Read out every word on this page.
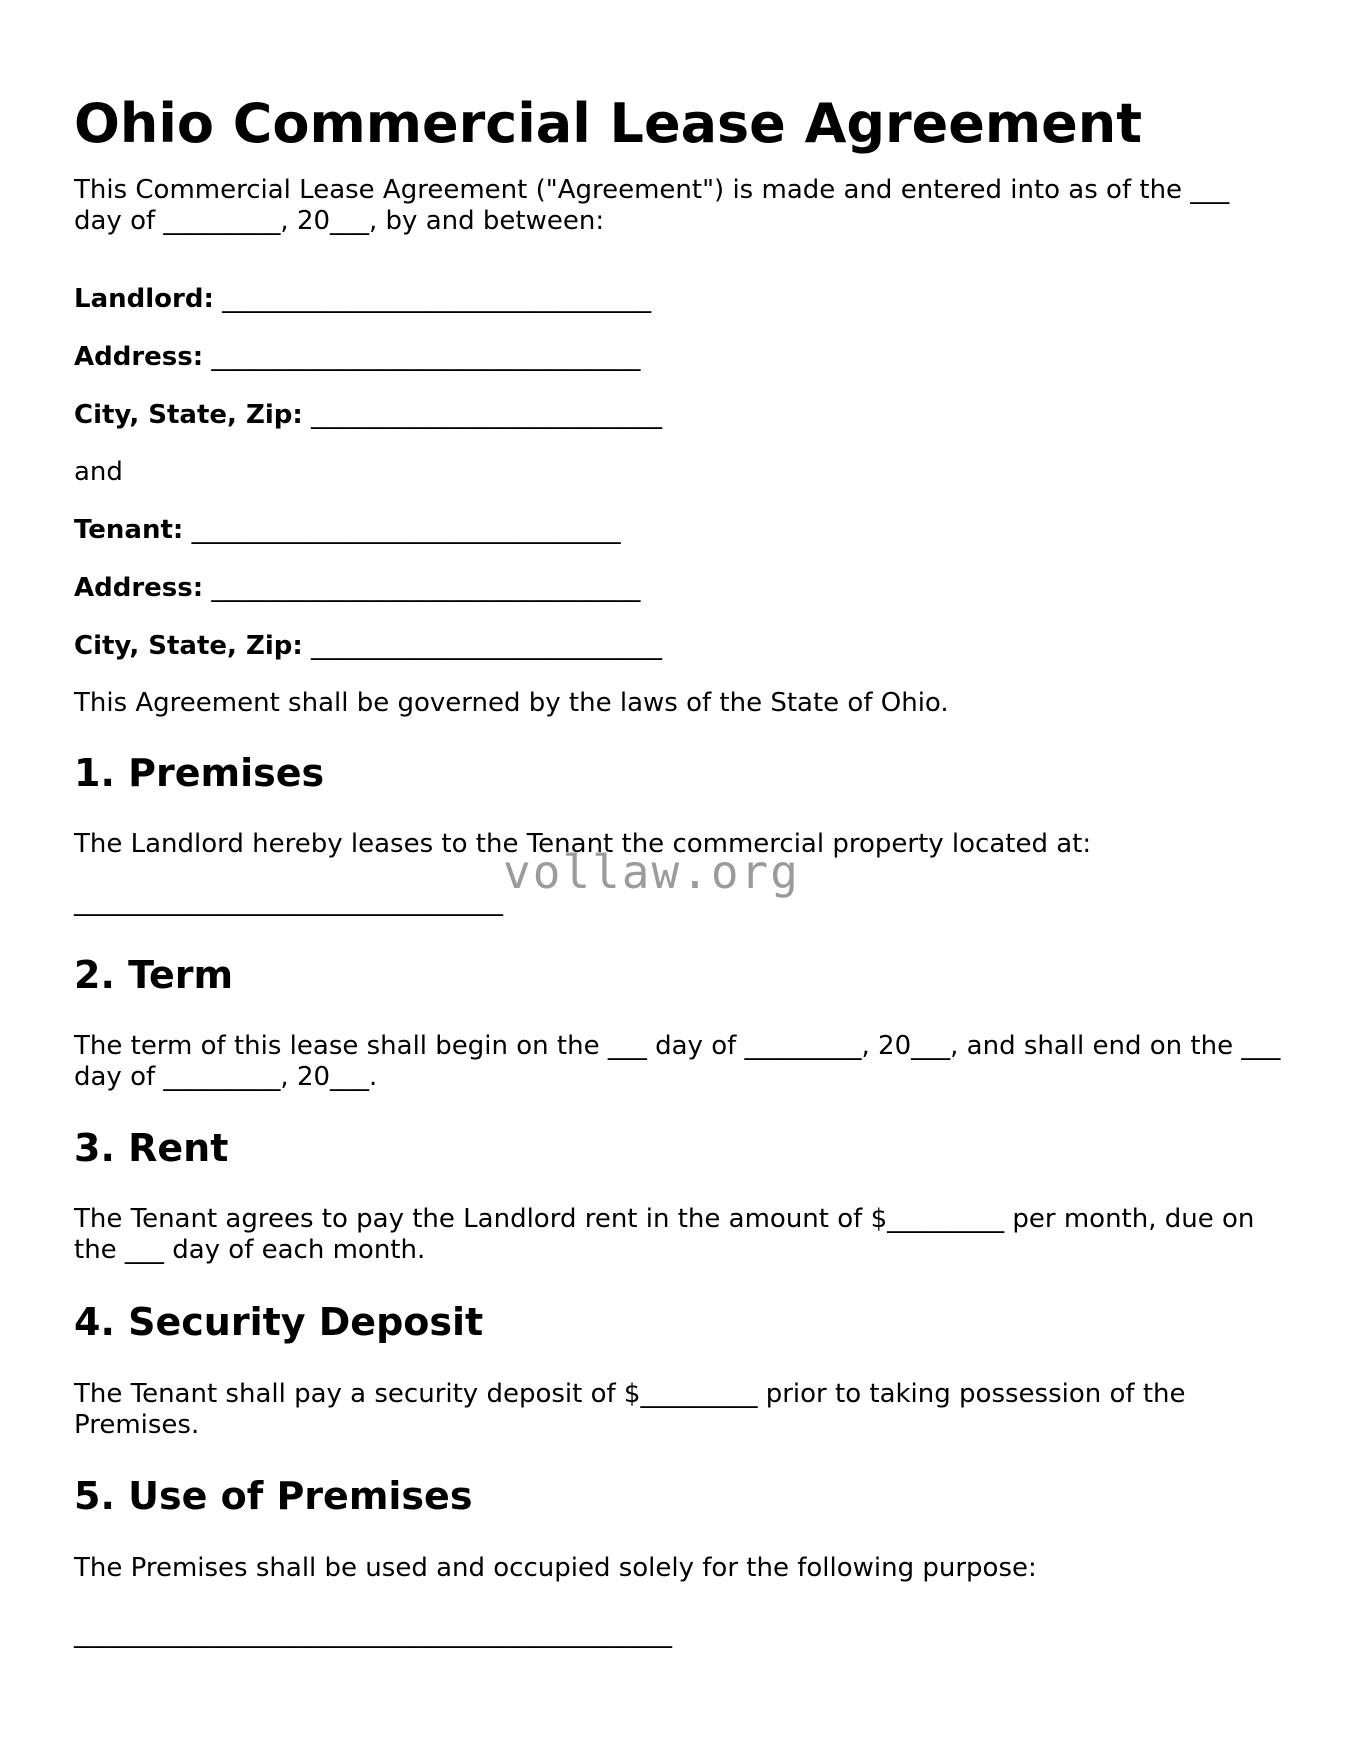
Ohio Commercial Lease Agreement

This Commercial Lease Agreement ("Agreement") is made and entered into as of the ___ day of _________, 20___, by and between:

Landlord: _________________________________

Address: _________________________________

City, State, Zip: ___________________________

and

Tenant: _________________________________

Address: _________________________________

City, State, Zip: ___________________________

This Agreement shall be governed by the laws of the State of Ohio.

1. Premises

The Landlord hereby leases to the Tenant the commercial property located at:

_________________________________

2. Term

The term of this lease shall begin on the ___ day of _________, 20___, and shall end on the ___ day of _________, 20___.

3. Rent

The Tenant agrees to pay the Landlord rent in the amount of $_________ per month, due on the ___ day of each month.

4. Security Deposit

The Tenant shall pay a security deposit of $_________ prior to taking possession of the Premises.

5. Use of Premises

The Premises shall be used and occupied solely for the following purpose:

______________________________________________

vollaw.org
